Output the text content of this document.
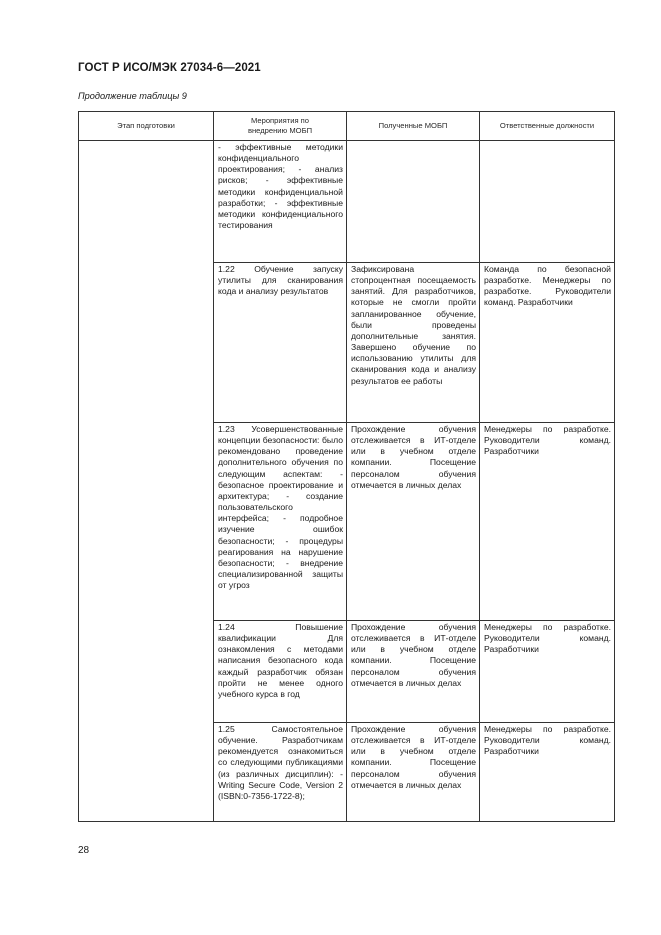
ГОСТ Р ИСО/МЭК 27034-6—2021
Продолжение таблицы 9
Этап подготовки	Мероприятия по внедрению МОБП	Полученные МОБП	Ответственные должности

	- эффективные методики конфиденциального проектирования; - анализ рисков; - эффективные методики конфиденциальной разработки; - эффективные методики конфиденциального тестирования		

	1.22 Обучение запуску утилиты для сканирования кода и анализу результатов	Зафиксирована стопроцентная посещаемость занятий. Для разработчиков, которые не смогли пройти запланированное обучение, были проведены дополнительные занятия. Завершено обучение по использованию утилиты для сканирования кода и анализу результатов ее работы	Команда по безопасной разработке. Менеджеры по разработке. Руководители команд. Разработчики

	1.23 Усовершенствованные концепции безопасности: было рекомендовано проведение дополнительного обучения по следующим аспектам: - безопасное проектирование и архитектура; - создание пользовательского интерфейса; - подробное изучение ошибок безопасности; - процедуры реагирования на нарушение безопасности; - внедрение специализированной защиты от угроз	Прохождение обучения отслеживается в ИТ-отделе или в учебном отделе компании. Посещение персоналом обучения отмечается в личных делах	Менеджеры по разработке. Руководители команд. Разработчики

	1.24 Повышение квалификации Для ознакомления с методами написания безопасного кода каждый разработчик обязан пройти не менее одного учебного курса в год	Прохождение обучения отслеживается в ИТ-отделе или в учебном отделе компании. Посещение персоналом обучения отмечается в личных делах	Менеджеры по разработке. Руководители команд. Разработчики

	1.25 Самостоятельное обучение. Разработчикам рекомендуется ознакомиться со следующими публикациями (из различных дисциплин): - Writing Secure Code, Version 2 (ISBN:0-7356-1722-8);	Прохождение обучения отслеживается в ИТ-отделе или в учебном отделе компании. Посещение персоналом обучения отмечается в личных делах	Менеджеры по разработке. Руководители команд. Разработчики
28
